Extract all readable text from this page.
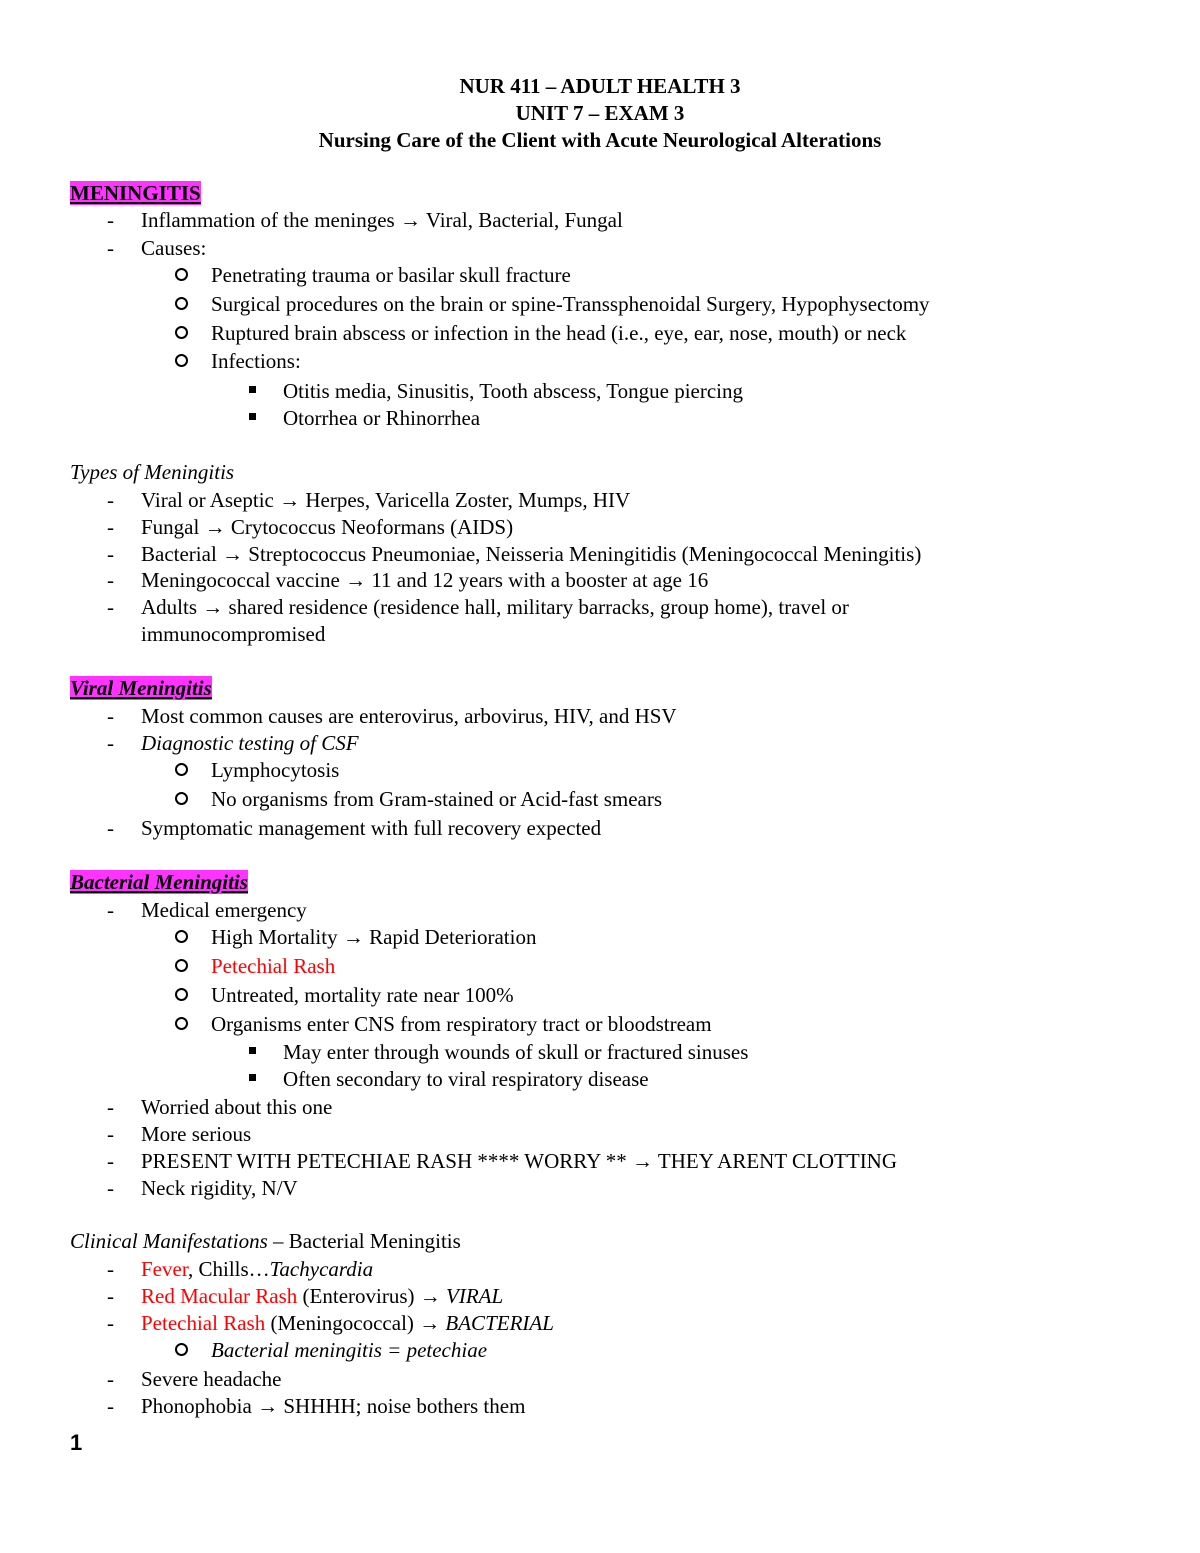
NUR 411 – ADULT HEALTH 3
UNIT 7 – EXAM 3
Nursing Care of the Client with Acute Neurological Alterations
MENINGITIS
- Inflammation of the meninges → Viral, Bacterial, Fungal
- Causes:
Penetrating trauma or basilar skull fracture
Surgical procedures on the brain or spine-Transsphenoidal Surgery, Hypophysectomy
Ruptured brain abscess or infection in the head (i.e., eye, ear, nose, mouth) or neck
Infections:
Otitis media, Sinusitis, Tooth abscess, Tongue piercing
Otorrhea or Rhinorrhea
Types of Meningitis
- Viral or Aseptic → Herpes, Varicella Zoster, Mumps, HIV
- Fungal → Crytococcus Neoformans (AIDS)
- Bacterial → Streptococcus Pneumoniae, Neisseria Meningitidis (Meningococcal Meningitis)
- Meningococcal vaccine → 11 and 12 years with a booster at age 16
- Adults → shared residence (residence hall, military barracks, group home), travel or
immunocompromised
Viral Meningitis
- Most common causes are enterovirus, arbovirus, HIV, and HSV
- Diagnostic testing of CSF
Lymphocytosis
No organisms from Gram-stained or Acid-fast smears
- Symptomatic management with full recovery expected
Bacterial Meningitis
- Medical emergency
High Mortality → Rapid Deterioration
Petechial Rash
Untreated, mortality rate near 100%
Organisms enter CNS from respiratory tract or bloodstream
May enter through wounds of skull or fractured sinuses
Often secondary to viral respiratory disease
- Worried about this one
- More serious
- PRESENT WITH PETECHIAE RASH **** WORRY ** → THEY ARENT CLOTTING
- Neck rigidity, N/V
Clinical Manifestations – Bacterial Meningitis
- Fever, Chills…Tachycardia
- Red Macular Rash (Enterovirus) → VIRAL
- Petechial Rash (Meningococcal) → BACTERIAL
Bacterial meningitis = petechiae
- Severe headache
- Phonophobia → SHHHH; noise bothers them
1
